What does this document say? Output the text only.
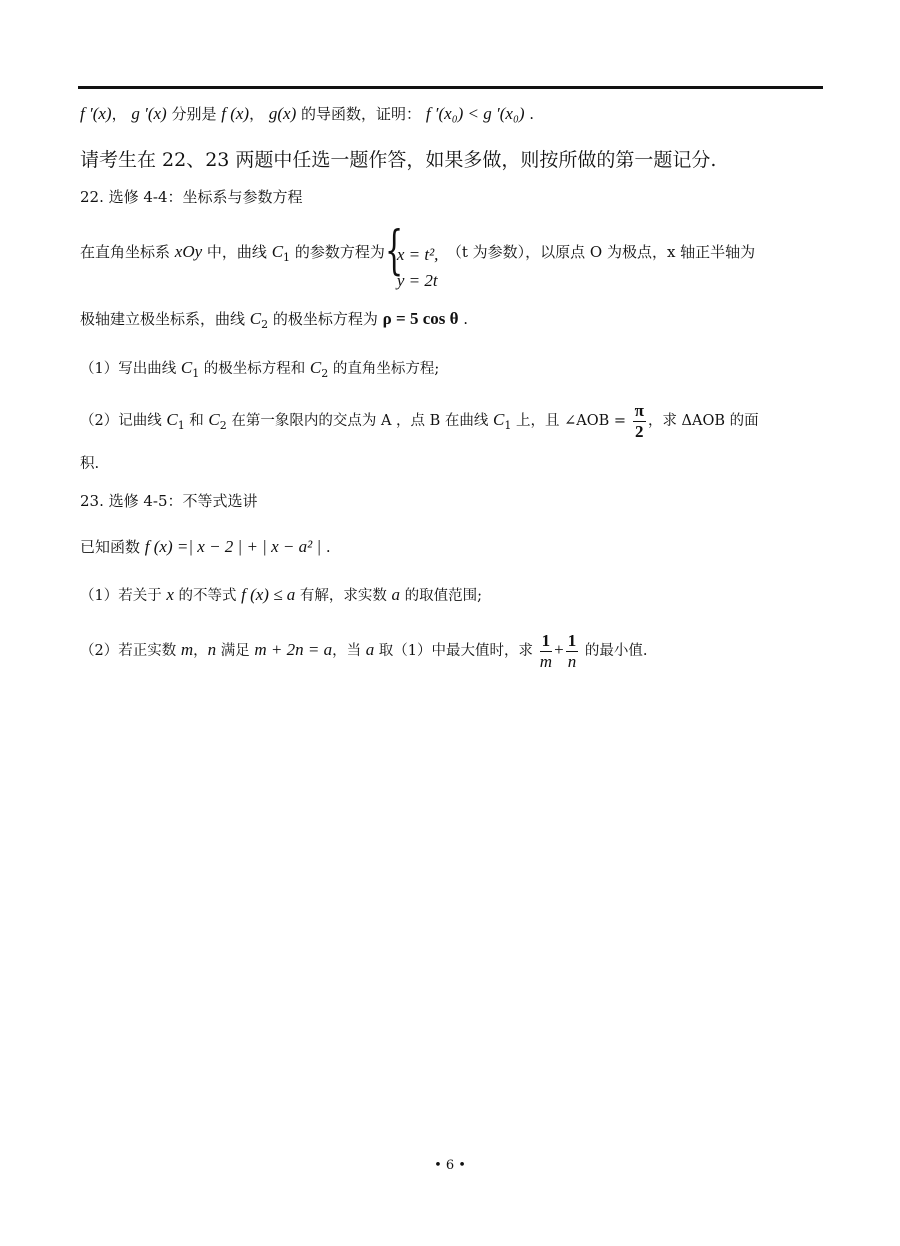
f ′(x)， g ′(x) 分别是 f (x)， g(x) 的导函数，证明： f ′(x₀) < g ′(x₀) .
请考生在 22、23 两题中任选一题作答，如果多做，则按所做的第一题记分.
22. 选修 4-4：坐标系与参数方程
在直角坐标系 xOy 中，曲线 $C_1$ 的参数方程为 {
x = t²,
y = 2t
（t 为参数），以原点 O 为极点，x 轴正半轴为
极轴建立极坐标系，曲线 $C_2$ 的极坐标方程为 ρ = 5 cos θ .
（1）写出曲线 $C_1$ 的极坐标方程和 $C_2$ 的直角坐标方程;
（2）记曲线 $C_1$ 和 $C_2$ 在第一象限内的交点为 A ，点 B 在曲线 $C_1$ 上，且 ∠AOB = $\frac{\pi}{2}$ ，求 ΔAOB 的面
积.
23. 选修 4-5：不等式选讲
已知函数 f (x) =| x − 2 | + | x − a² | .
（1）若关于 x 的不等式 f (x) ≤ a 有解，求实数 a 的取值范围;
（2）若正实数 m，n 满足 m + 2n = a，当 a 取（1）中最大值时，求 $\frac{1}{m} + \frac{1}{n}$ 的最小值.
• 6 •
